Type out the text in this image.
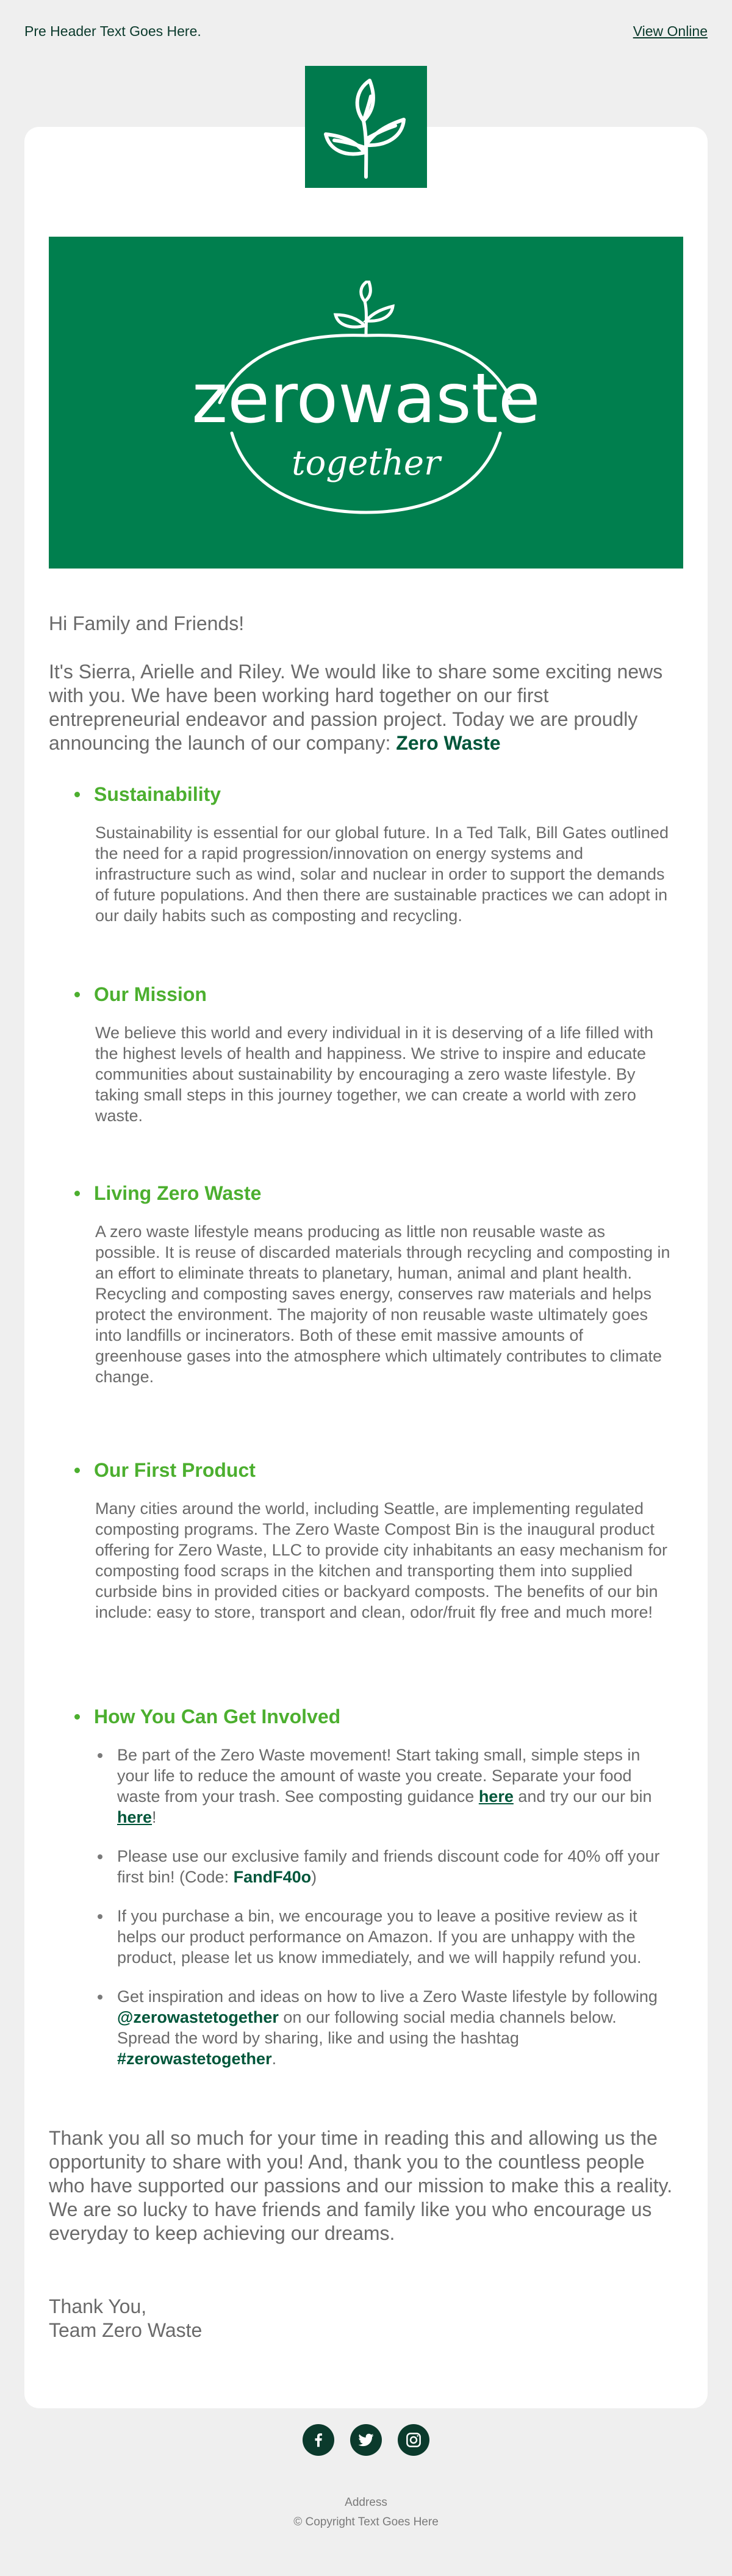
Pre Header Text Goes Here.	View Online
zerowaste
together
Hi Family and Friends!
It's Sierra, Arielle and Riley. We would like to share some exciting news with you. We have been working hard together on our first entrepreneurial endeavor and passion project. Today we are proudly announcing the launch of our company: Zero Waste
Sustainability
Sustainability is essential for our global future. In a Ted Talk, Bill Gates outlined the need for a rapid progression/innovation on energy systems and infrastructure such as wind, solar and nuclear in order to support the demands of future populations. And then there are sustainable practices we can adopt in our daily habits such as composting and recycling.
Our Mission
We believe this world and every individual in it is deserving of a life filled with the highest levels of health and happiness. We strive to inspire and educate communities about sustainability by encouraging a zero waste lifestyle. By taking small steps in this journey together, we can create a world with zero waste.
Living Zero Waste
A zero waste lifestyle means producing as little non reusable waste as possible. It is reuse of discarded materials through recycling and composting in an effort to eliminate threats to planetary, human, animal and plant health. Recycling and composting saves energy, conserves raw materials and helps protect the environment. The majority of non reusable waste ultimately goes into landfills or incinerators. Both of these emit massive amounts of greenhouse gases into the atmosphere which ultimately contributes to climate change.
Our First Product
Many cities around the world, including Seattle, are implementing regulated composting programs. The Zero Waste Compost Bin is the inaugural product offering for Zero Waste, LLC to provide city inhabitants an easy mechanism for composting food scraps in the kitchen and transporting them into supplied curbside bins in provided cities or backyard composts. The benefits of our bin include: easy to store, transport and clean, odor/fruit fly free and much more!
How You Can Get Involved
Be part of the Zero Waste movement! Start taking small, simple steps in your life to reduce the amount of waste you create. Separate your food waste from your trash. See composting guidance here and try our our bin here!
Please use our exclusive family and friends discount code for 40% off your first bin! (Code: FandF40o)
If you purchase a bin, we encourage you to leave a positive review as it helps our product performance on Amazon. If you are unhappy with the product, please let us know immediately, and we will happily refund you.
Get inspiration and ideas on how to live a Zero Waste lifestyle by following @zerowastetogether on our following social media channels below. Spread the word by sharing, like and using the hashtag #zerowastetogether.
Thank you all so much for your time in reading this and allowing us the opportunity to share with you! And, thank you to the countless people who have supported our passions and our mission to make this a reality. We are so lucky to have friends and family like you who encourage us everyday to keep achieving our dreams.
Thank You,
Team Zero Waste
Address
© Copyright Text Goes Here
